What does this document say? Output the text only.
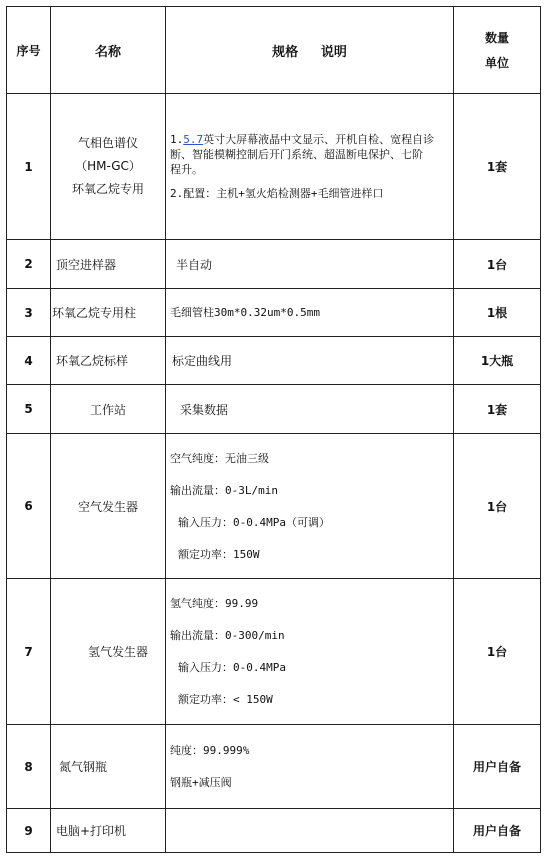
序号	名称	规格 说明	数量
单位

1	气相色谱仪
（HM-GC）
环氧乙烷专用	1.5.7英寸大屏幕液晶中文显示、开机自检、宽程自诊
断、智能模糊控制后开门系统、超温断电保护、七阶
程升。
2.配置：主机+氢火焰检测器+毛细管进样口	1套
2	顶空进样器	半自动	1台
3	环氧乙烷专用柱	毛细管柱30m*0.32um*0.5mm	1根
4	环氧乙烷标样	标定曲线用	1大瓶
5	工作站	采集数据	1套
6	空气发生器	空气纯度：无油三级
输出流量：0-3L/min
输入压力：0-0.4MPa（可调）
额定功率：150W	1台
7	氢气发生器	氢气纯度：99.99
输出流量：0-300/min
输入压力：0-0.4MPa
额定功率：< 150W	1台
8	氮气钢瓶	纯度：99.999%
钢瓶+减压阀	用户自备
9	电脑+打印机		用户自备
